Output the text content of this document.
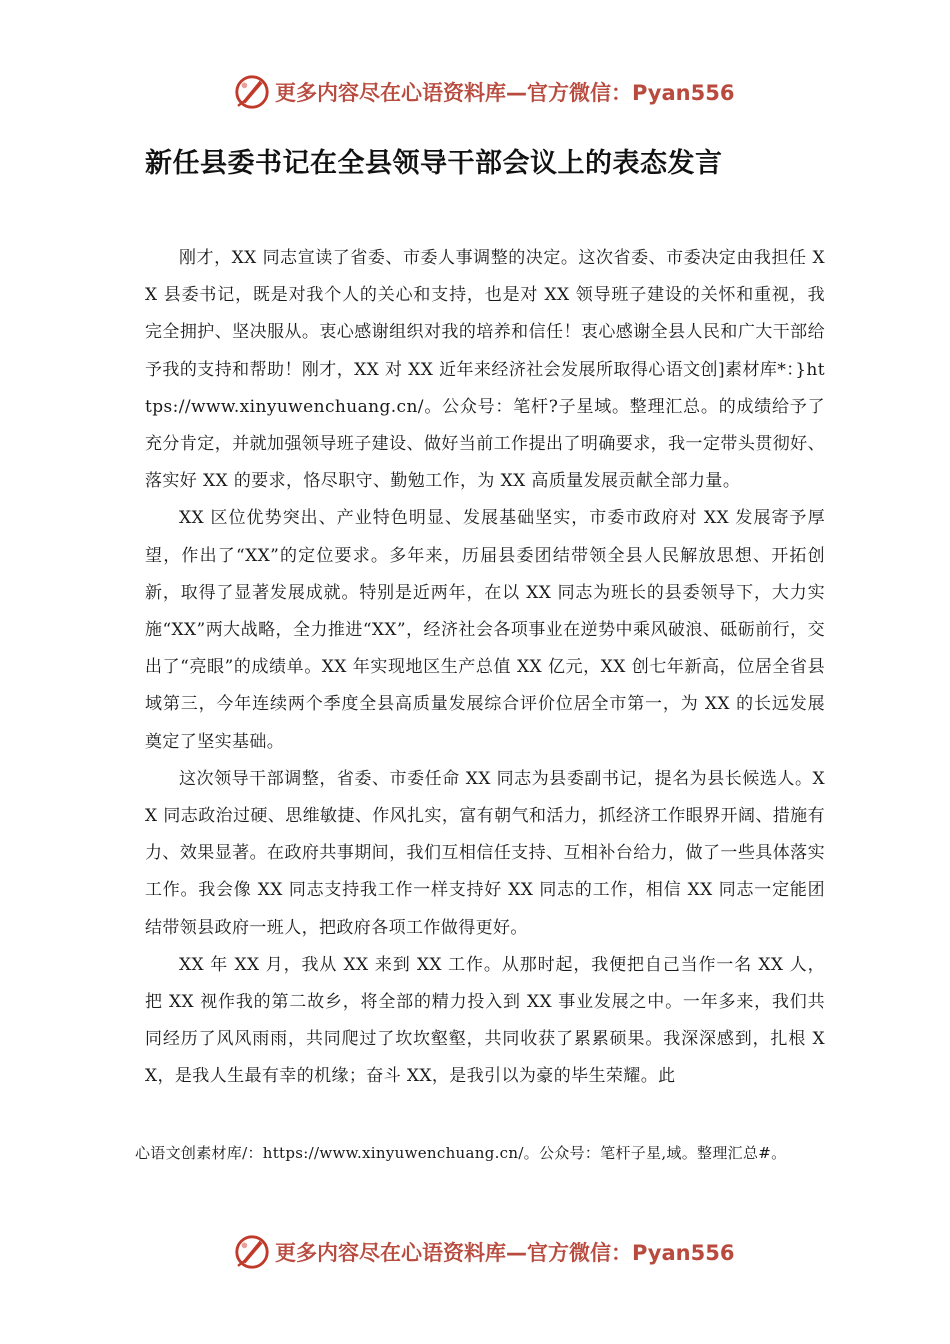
更多内容尽在心语资料库—官方微信：Pyan556
新任县委书记在全县领导干部会议上的表态发言

刚才，XX 同志宣读了省委、市委人事调整的决定。这次省委、市委决定由我担任 XX 县委书记，既是对我个人的关心和支持，也是对 XX 领导班子建设的关怀和重视，我完全拥护、坚决服从。衷心感谢组织对我的培养和信任！衷心感谢全县人民和广大干部给予我的支持和帮助！刚才，XX 对 XX 近年来经济社会发展所取得心语文创]素材库*：}https://www.xinyuwenchuang.cn/。公众号：笔杆?子星域。整理汇总。的成绩给予了充分肯定，并就加强领导班子建设、做好当前工作提出了明确要求，我一定带头贯彻好、落实好 XX 的要求，恪尽职守、勤勉工作，为 XX 高质量发展贡献全部力量。

XX 区位优势突出、产业特色明显、发展基础坚实，市委市政府对 XX 发展寄予厚望，作出了“XX”的定位要求。多年来，历届县委团结带领全县人民解放思想、开拓创新，取得了显著发展成就。特别是近两年，在以 XX 同志为班长的县委领导下，大力实施“XX”两大战略，全力推进“XX”，经济社会各项事业在逆势中乘风破浪、砥砺前行，交出了“亮眼”的成绩单。XX 年实现地区生产总值 XX 亿元，XX 创七年新高，位居全省县域第三，今年连续两个季度全县高质量发展综合评价位居全市第一，为 XX 的长远发展奠定了坚实基础。

这次领导干部调整，省委、市委任命 XX 同志为县委副书记，提名为县长候选人。XX 同志政治过硬、思维敏捷、作风扎实，富有朝气和活力，抓经济工作眼界开阔、措施有力、效果显著。在政府共事期间，我们互相信任支持、互相补台给力，做了一些具体落实工作。我会像 XX 同志支持我工作一样支持好 XX 同志的工作，相信 XX 同志一定能团结带领县政府一班人，把政府各项工作做得更好。

XX 年 XX 月，我从 XX 来到 XX 工作。从那时起，我便把自己当作一名 XX 人，把 XX 视作我的第二故乡，将全部的精力投入到 XX 事业发展之中。一年多来，我们共同经历了风风雨雨，共同爬过了坎坎壑壑，共同收获了累累硕果。我深深感到，扎根 XX，是我人生最有幸的机缘；奋斗 XX，是我引以为豪的毕生荣耀。此

心语文创素材库/：https://www.xinyuwenchuang.cn/。公众号：笔杆子星,域。整理汇总#。

更多内容尽在心语资料库—官方微信：Pyan556
